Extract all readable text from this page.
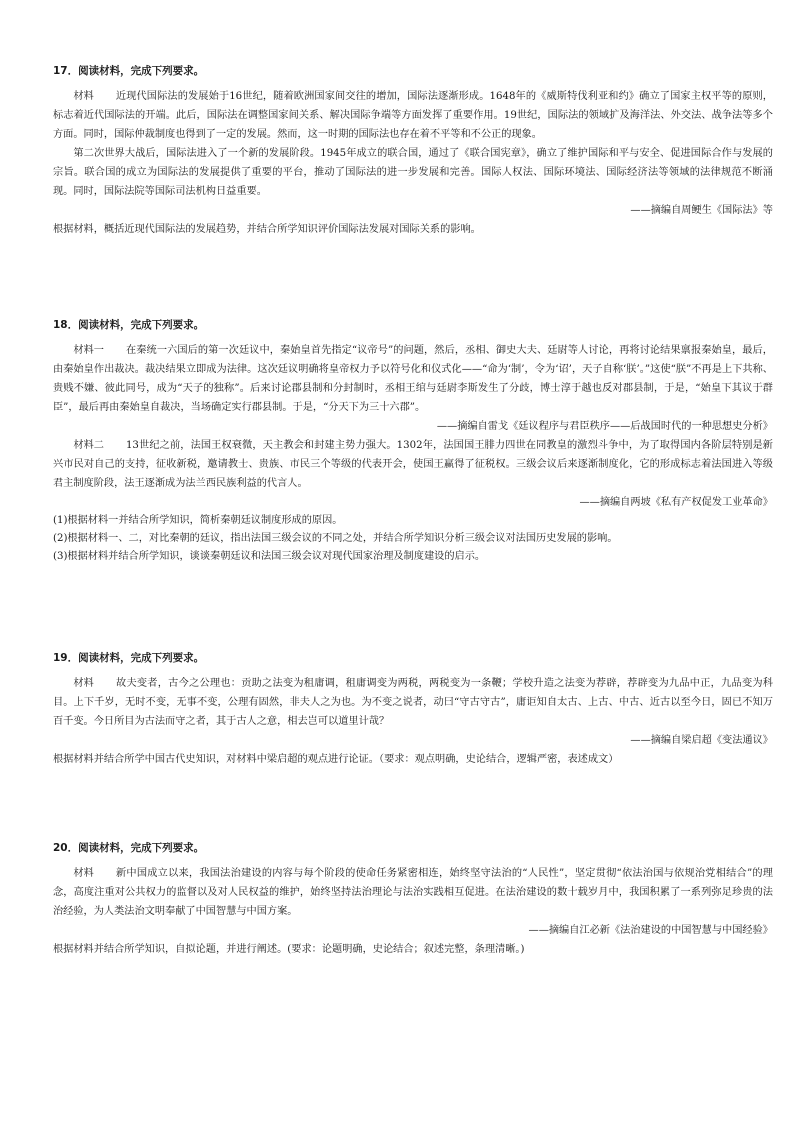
17．阅读材料，完成下列要求。

材料 近现代国际法的发展始于16世纪，随着欧洲国家间交往的增加，国际法逐渐形成。1648年的《威斯特伐利亚和约》确立了国家主权平等的原则，标志着近代国际法的开端。此后，国际法在调整国家间关系、解决国际争端等方面发挥了重要作用。19世纪，国际法的领域扩及海洋法、外交法、战争法等多个方面。同时，国际仲裁制度也得到了一定的发展。然而，这一时期的国际法也存在着不平等和不公正的现象。

第二次世界大战后，国际法进入了一个新的发展阶段。1945年成立的联合国，通过了《联合国宪章》，确立了维护国际和平与安全、促进国际合作与发展的宗旨。联合国的成立为国际法的发展提供了重要的平台，推动了国际法的进一步发展和完善。国际人权法、国际环境法、国际经济法等领域的法律规范不断涌现。同时，国际法院等国际司法机构日益重要。

——摘编自周鲠生《国际法》等

根据材料，概括近现代国际法的发展趋势，并结合所学知识评价国际法发展对国际关系的影响。

18．阅读材料，完成下列要求。

材料一 在秦统一六国后的第一次廷议中，秦始皇首先指定“议帝号”的问题，然后，丞相、御史大夫、廷尉等人讨论，再将讨论结果禀报秦始皇，最后，由秦始皇作出裁决。裁决结果立即成为法律。这次廷议明确将皇帝权力予以符号化和仪式化——“命为‘制’，令为‘诏’，天子自称‘朕’。”这使“朕”不再是上下共称、贵贱不嫌、彼此同号，成为“天子的独称”。后来讨论郡县制和分封制时，丞相王绾与廷尉李斯发生了分歧，博士淳于越也反对郡县制，于是，“始皇下其议于群臣”，最后再由秦始皇自裁决，当场确定实行郡县制。于是，“分天下为三十六郡”。

——摘编自雷戈《廷议程序与君臣秩序——后战国时代的一种思想史分析》

材料二 13世纪之前，法国王权衰微，天主教会和封建主势力强大。1302年，法国国王腓力四世在同教皇的激烈斗争中，为了取得国内各阶层特别是新兴市民对自己的支持，征收新税，邀请教士、贵族、市民三个等级的代表开会，使国王赢得了征税权。三级会议后来逐渐制度化，它的形成标志着法国进入等级君主制度阶段，法王逐渐成为法兰西民族利益的代言人。

——摘编自两坡《私有产权促发工业革命》

(1)根据材料一并结合所学知识，简析秦朝廷议制度形成的原因。

(2)根据材料一、二，对比秦朝的廷议，指出法国三级会议的不同之处，并结合所学知识分析三级会议对法国历史发展的影响。

(3)根据材料并结合所学知识，谈谈秦朝廷议和法国三级会议对现代国家治理及制度建设的启示。

19．阅读材料，完成下列要求。

材料 故夫变者，古今之公理也：贡助之法变为租庸调，租庸调变为两税，两税变为一条鞭；学校升造之法变为荐辟，荐辟变为九品中正，九品变为科目。上下千岁，无时不变，无事不变，公理有固然，非夫人之为也。为不变之说者，动曰“守古守古”，庸讵知自太古、上古、中古、近古以至今日，固已不知万百千变。今日所目为古法而守之者，其于古人之意，相去岂可以道里计哉？

——摘编自梁启超《变法通议》

根据材料并结合所学中国古代史知识，对材料中梁启超的观点进行论证。（要求：观点明确，史论结合，逻辑严密，表述成文）

20．阅读材料，完成下列要求。

材料 新中国成立以来，我国法治建设的内容与每个阶段的使命任务紧密相连，始终坚守法治的“人民性”，坚定贯彻“依法治国与依规治党相结合”的理念，高度注重对公共权力的监督以及对人民权益的维护，始终坚持法治理论与法治实践相互促进。在法治建设的数十载岁月中，我国积累了一系列弥足珍贵的法治经验，为人类法治文明奉献了中国智慧与中国方案。

——摘编自江必新《法治建设的中国智慧与中国经验》

根据材料并结合所学知识，自拟论题，并进行阐述。(要求：论题明确，史论结合；叙述完整，条理清晰。)
